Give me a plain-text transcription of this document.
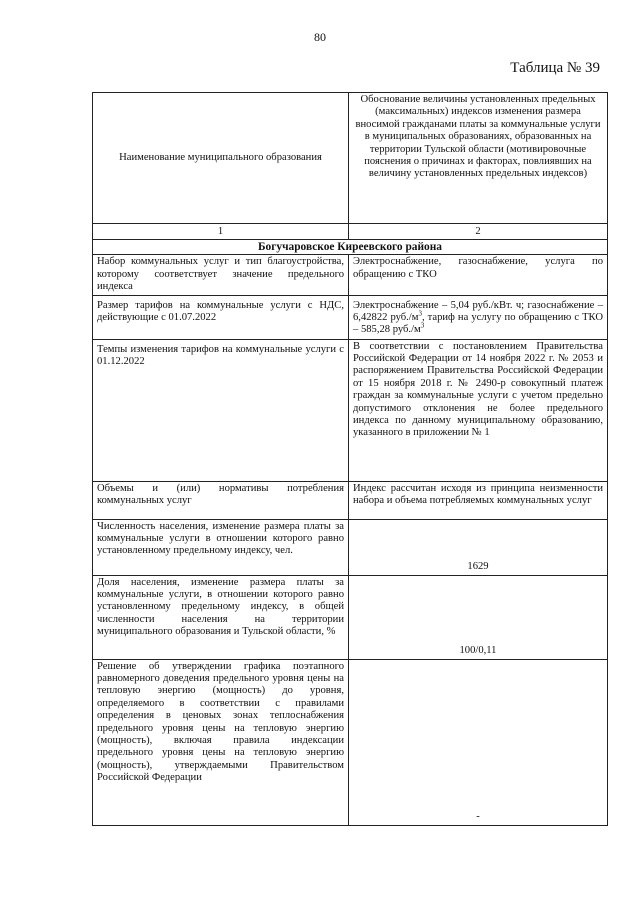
80
Таблица № 39
Наименование муниципального образования	Обоснование величины установленных предельных (максимальных) индексов изменения размера вносимой гражданами платы за коммунальные услуги в муниципальных образованиях, образованных на территории Тульской области (мотивировочные пояснения о причинах и факторах, повлиявших на величину установленных предельных индексов)
1	2
Богучаровское Киреевского района	
Набор коммунальных услуг и тип благоустройства, которому соответствует значение предельного индекса	Электроснабжение, газоснабжение, услуга по обращению с ТКО
Размер тарифов на коммунальные услуги с НДС, действующие с 01.07.2022	Электроснабжение – 5,04 руб./кВт. ч; газоснабжение – 6,42822 $руб./м^3$, тариф на услугу по обращению с ТКО – 585,28 $руб./м^3$
Темпы изменения тарифов на коммунальные услуги с 01.12.2022	В соответствии с постановлением Правительства Российской Федерации от 14 ноября 2022 г. № 2053 и распоряжением Правительства Российской Федерации от 15 ноября 2018 г. № 2490-р совокупный платеж граждан за коммунальные услуги с учетом предельно допустимого отклонения не более предельного индекса по данному муниципальному образованию, указанного в приложении № 1
Объемы и (или) нормативы потребления коммунальных услуг	Индекс рассчитан исходя из принципа неизменности набора и объема потребляемых коммунальных услуг
Численность населения, изменение размера платы за коммунальные услуги в отношении которого равно установленному предельному индексу, чел.	1629
Доля населения, изменение размера платы за коммунальные услуги, в отношении которого равно установленному предельному индексу, в общей численности населения на территории муниципального образования и Тульской области, %	100/0,11
Решение об утверждении графика поэтапного равномерного доведения предельного уровня цены на тепловую энергию (мощность) до уровня, определяемого в соответствии с правилами определения в ценовых зонах теплоснабжения предельного уровня цены на тепловую энергию (мощность), включая правила индексации предельного уровня цены на тепловую энергию (мощность), утверждаемыми Правительством Российской Федерации	-
